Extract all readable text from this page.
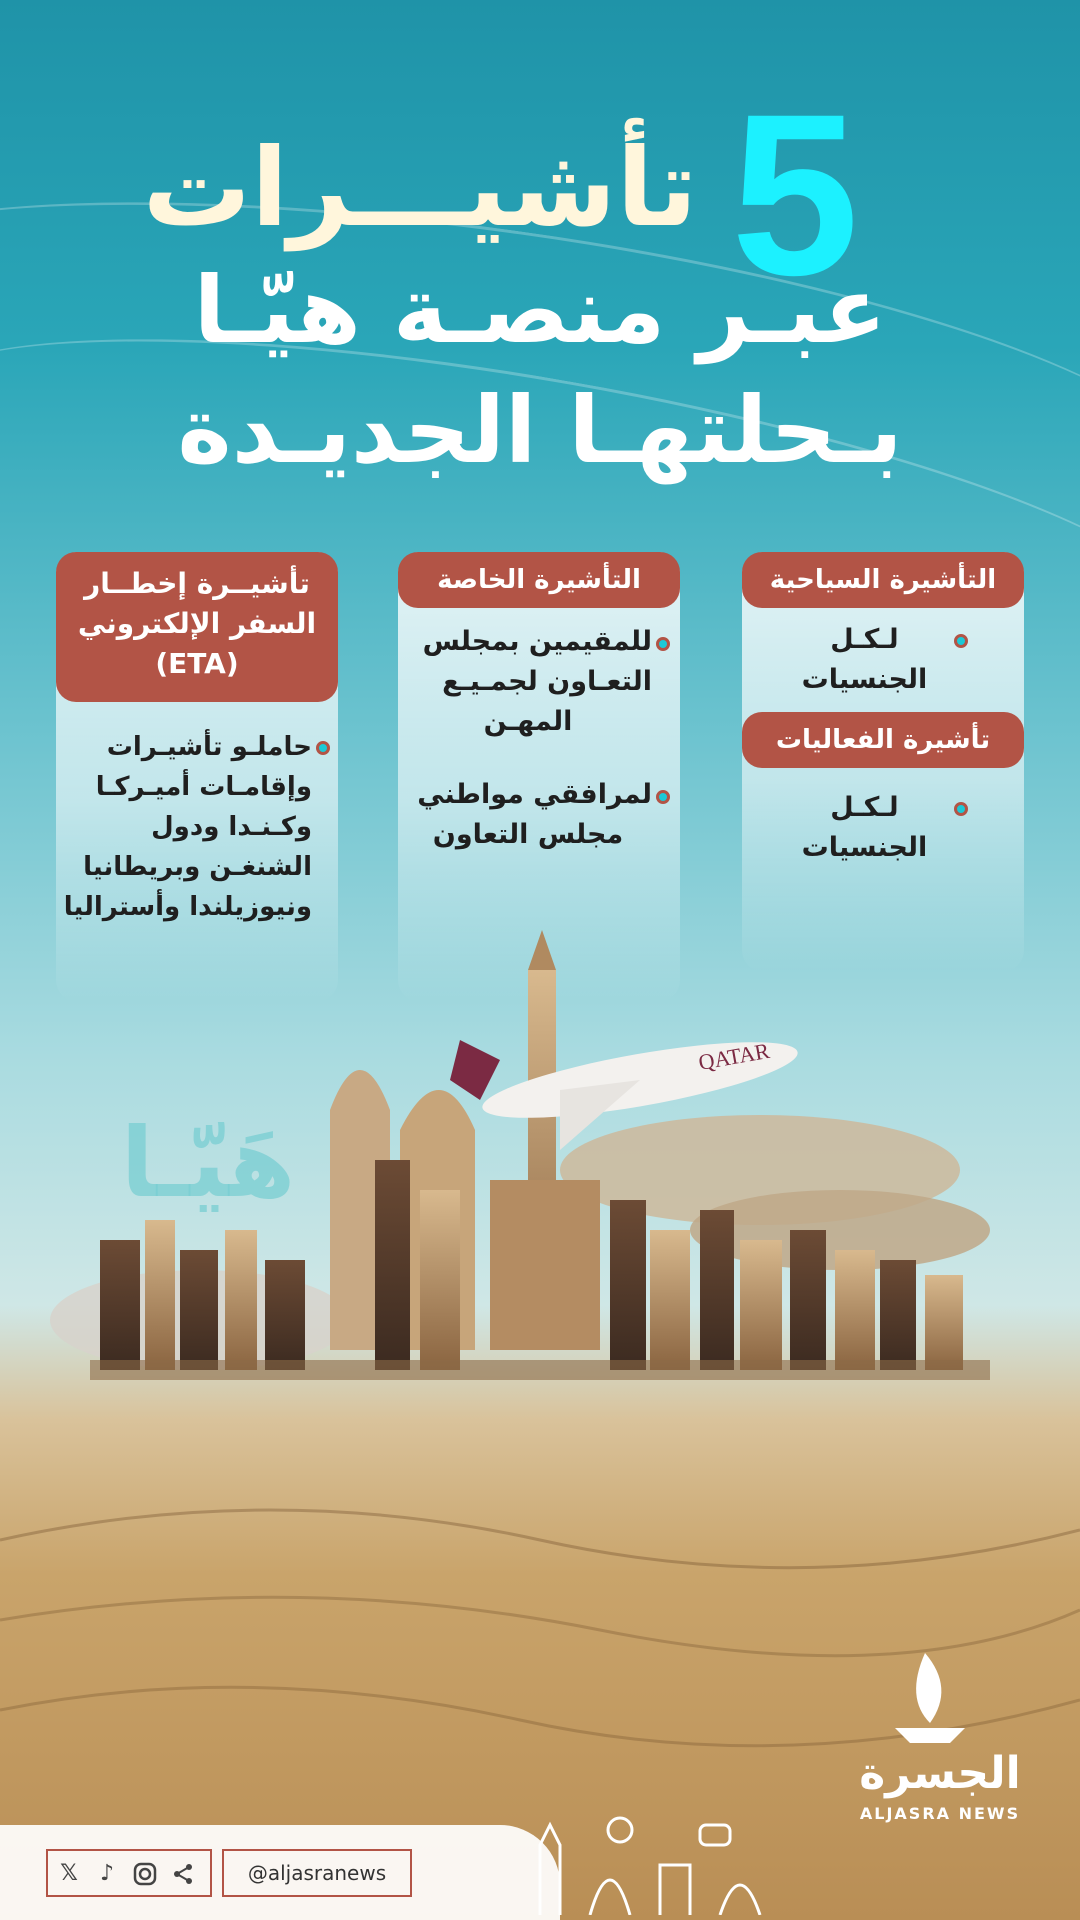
5
تأشيـــرات
عبـر منصـة هيّـا
بـحلتهـا الجديـدة
تأشيــرة إخطــار
السفر الإلكتروني
(ETA)
حاملـو تأشيـرات
وإقامـات أميـركـا
وكـنـدا ودول
الشنغـن وبريطانيا
ونيوزيلندا وأستراليا
التأشيرة الخاصة
للمقيمين بمجلس
التعـاون لجمـيـع
المهـن
لمرافقي مواطني
مجلس التعاون
التأشيرة السياحية
لـكـل
الجنسيات
تأشيرة الفعاليات
لـكـل
الجنسيات
هَيّـا
QATAR
الجسرة
ALJASRA NEWS
𝕏	♪	@aljasranews
